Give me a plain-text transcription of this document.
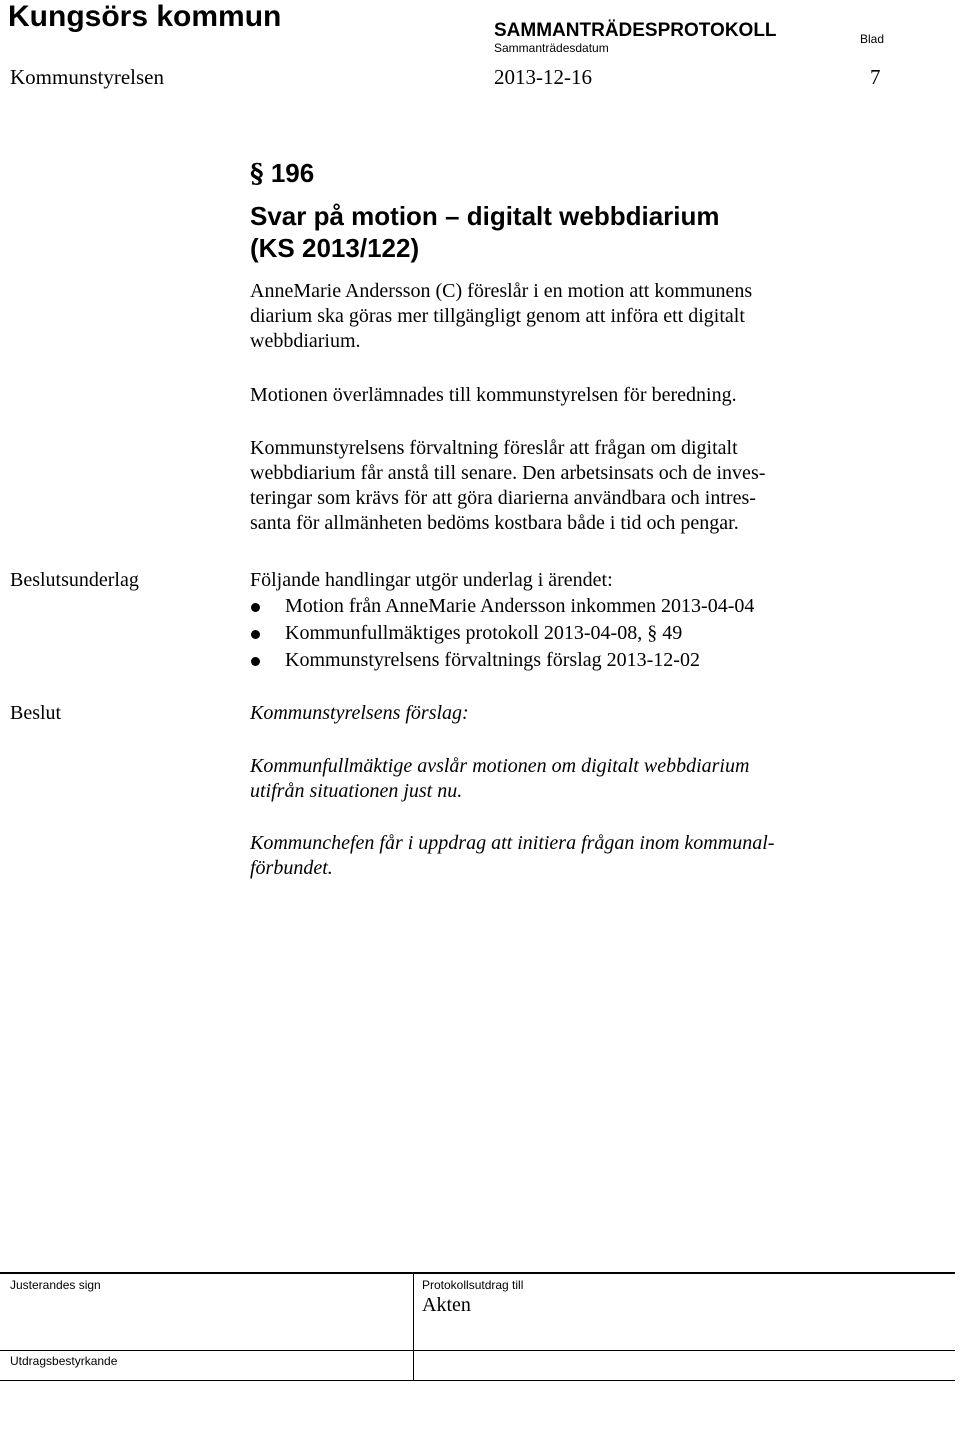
Kungsörs kommun	SAMMANTRÄDESPROTOKOLL
Sammanträdesdatum
Blad
Kommunstyrelsen	2013-12-16	7
§ 196
Svar på motion – digitalt webbdiarium
(KS 2013/122)
AnneMarie Andersson (C) föreslår i en motion att kommunens
diarium ska göras mer tillgängligt genom att införa ett digitalt
webbdiarium.
Motionen överlämnades till kommunstyrelsen för beredning.
Kommunstyrelsens förvaltning föreslår att frågan om digitalt
webbdiarium får anstå till senare. Den arbetsinsats och de inves-
teringar som krävs för att göra diarierna användbara och intres-
santa för allmänheten bedöms kostbara både i tid och pengar.
Beslutsunderlag	Följande handlingar utgör underlag i ärendet:
Motion från AnneMarie Andersson inkommen 2013-04-04
Kommunfullmäktiges protokoll 2013-04-08, § 49
Kommunstyrelsens förvaltnings förslag 2013-12-02
Beslut	Kommunstyrelsens förslag:
Kommunfullmäktige avslår motionen om digitalt webbdiarium
utifrån situationen just nu.
Kommunchefen får i uppdrag att initiera frågan inom kommunal-
förbundet.
Justerandes sign	Protokollsutdrag till
Akten
Utdragsbestyrkande
